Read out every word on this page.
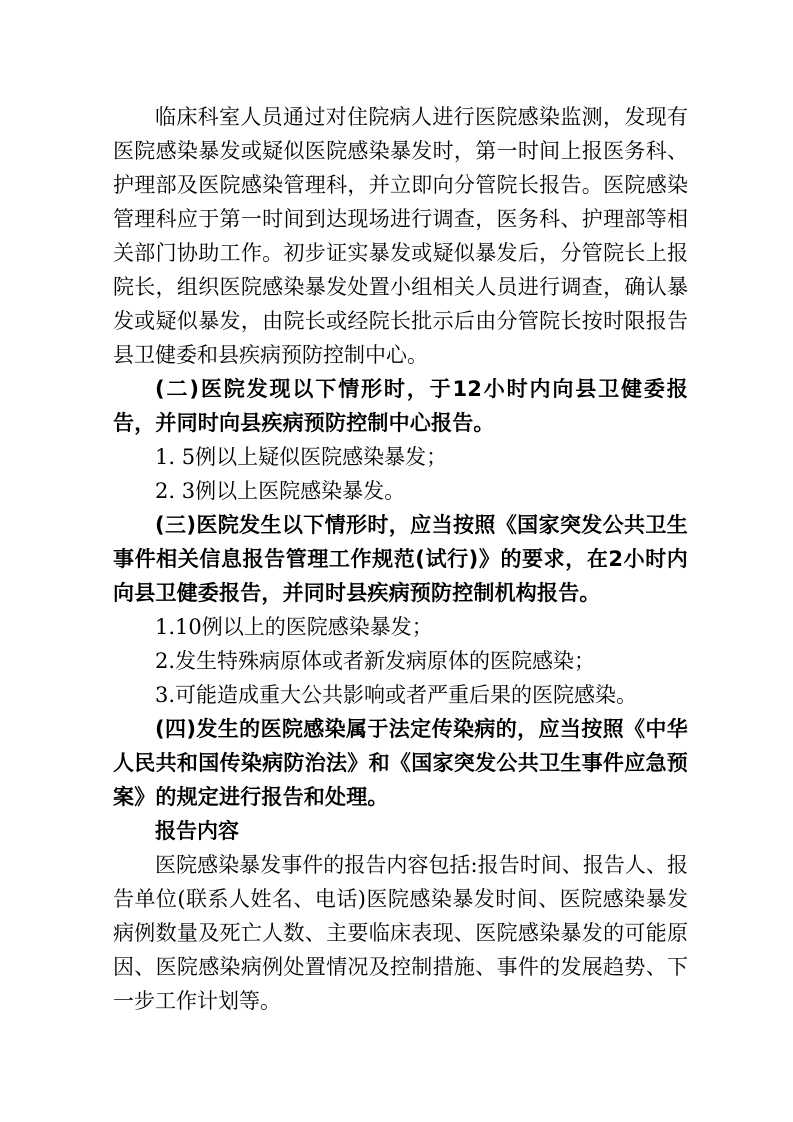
临床科室人员通过对住院病人进行医院感染监测，发现有医院感染暴发或疑似医院感染暴发时，第一时间上报医务科、护理部及医院感染管理科，并立即向分管院长报告。医院感染管理科应于第一时间到达现场进行调查，医务科、护理部等相关部门协助工作。初步证实暴发或疑似暴发后，分管院长上报院长，组织医院感染暴发处置小组相关人员进行调查，确认暴发或疑似暴发，由院长或经院长批示后由分管院长按时限报告县卫健委和县疾病预防控制中心。

(二)医院发现以下情形时，于12小时内向县卫健委报告，并同时向县疾病预防控制中心报告。

1. 5例以上疑似医院感染暴发；

2. 3例以上医院感染暴发。

(三)医院发生以下情形时，应当按照《国家突发公共卫生事件相关信息报告管理工作规范(试行)》的要求，在2小时内向县卫健委报告，并同时县疾病预防控制机构报告。

1.10例以上的医院感染暴发；

2.发生特殊病原体或者新发病原体的医院感染；

3.可能造成重大公共影响或者严重后果的医院感染。

(四)发生的医院感染属于法定传染病的，应当按照《中华人民共和国传染病防治法》和《国家突发公共卫生事件应急预案》的规定进行报告和处理。

报告内容

医院感染暴发事件的报告内容包括:报告时间、报告人、报告单位(联系人姓名、电话)医院感染暴发时间、医院感染暴发病例数量及死亡人数、主要临床表现、医院感染暴发的可能原因、医院感染病例处置情况及控制措施、事件的发展趋势、下一步工作计划等。
